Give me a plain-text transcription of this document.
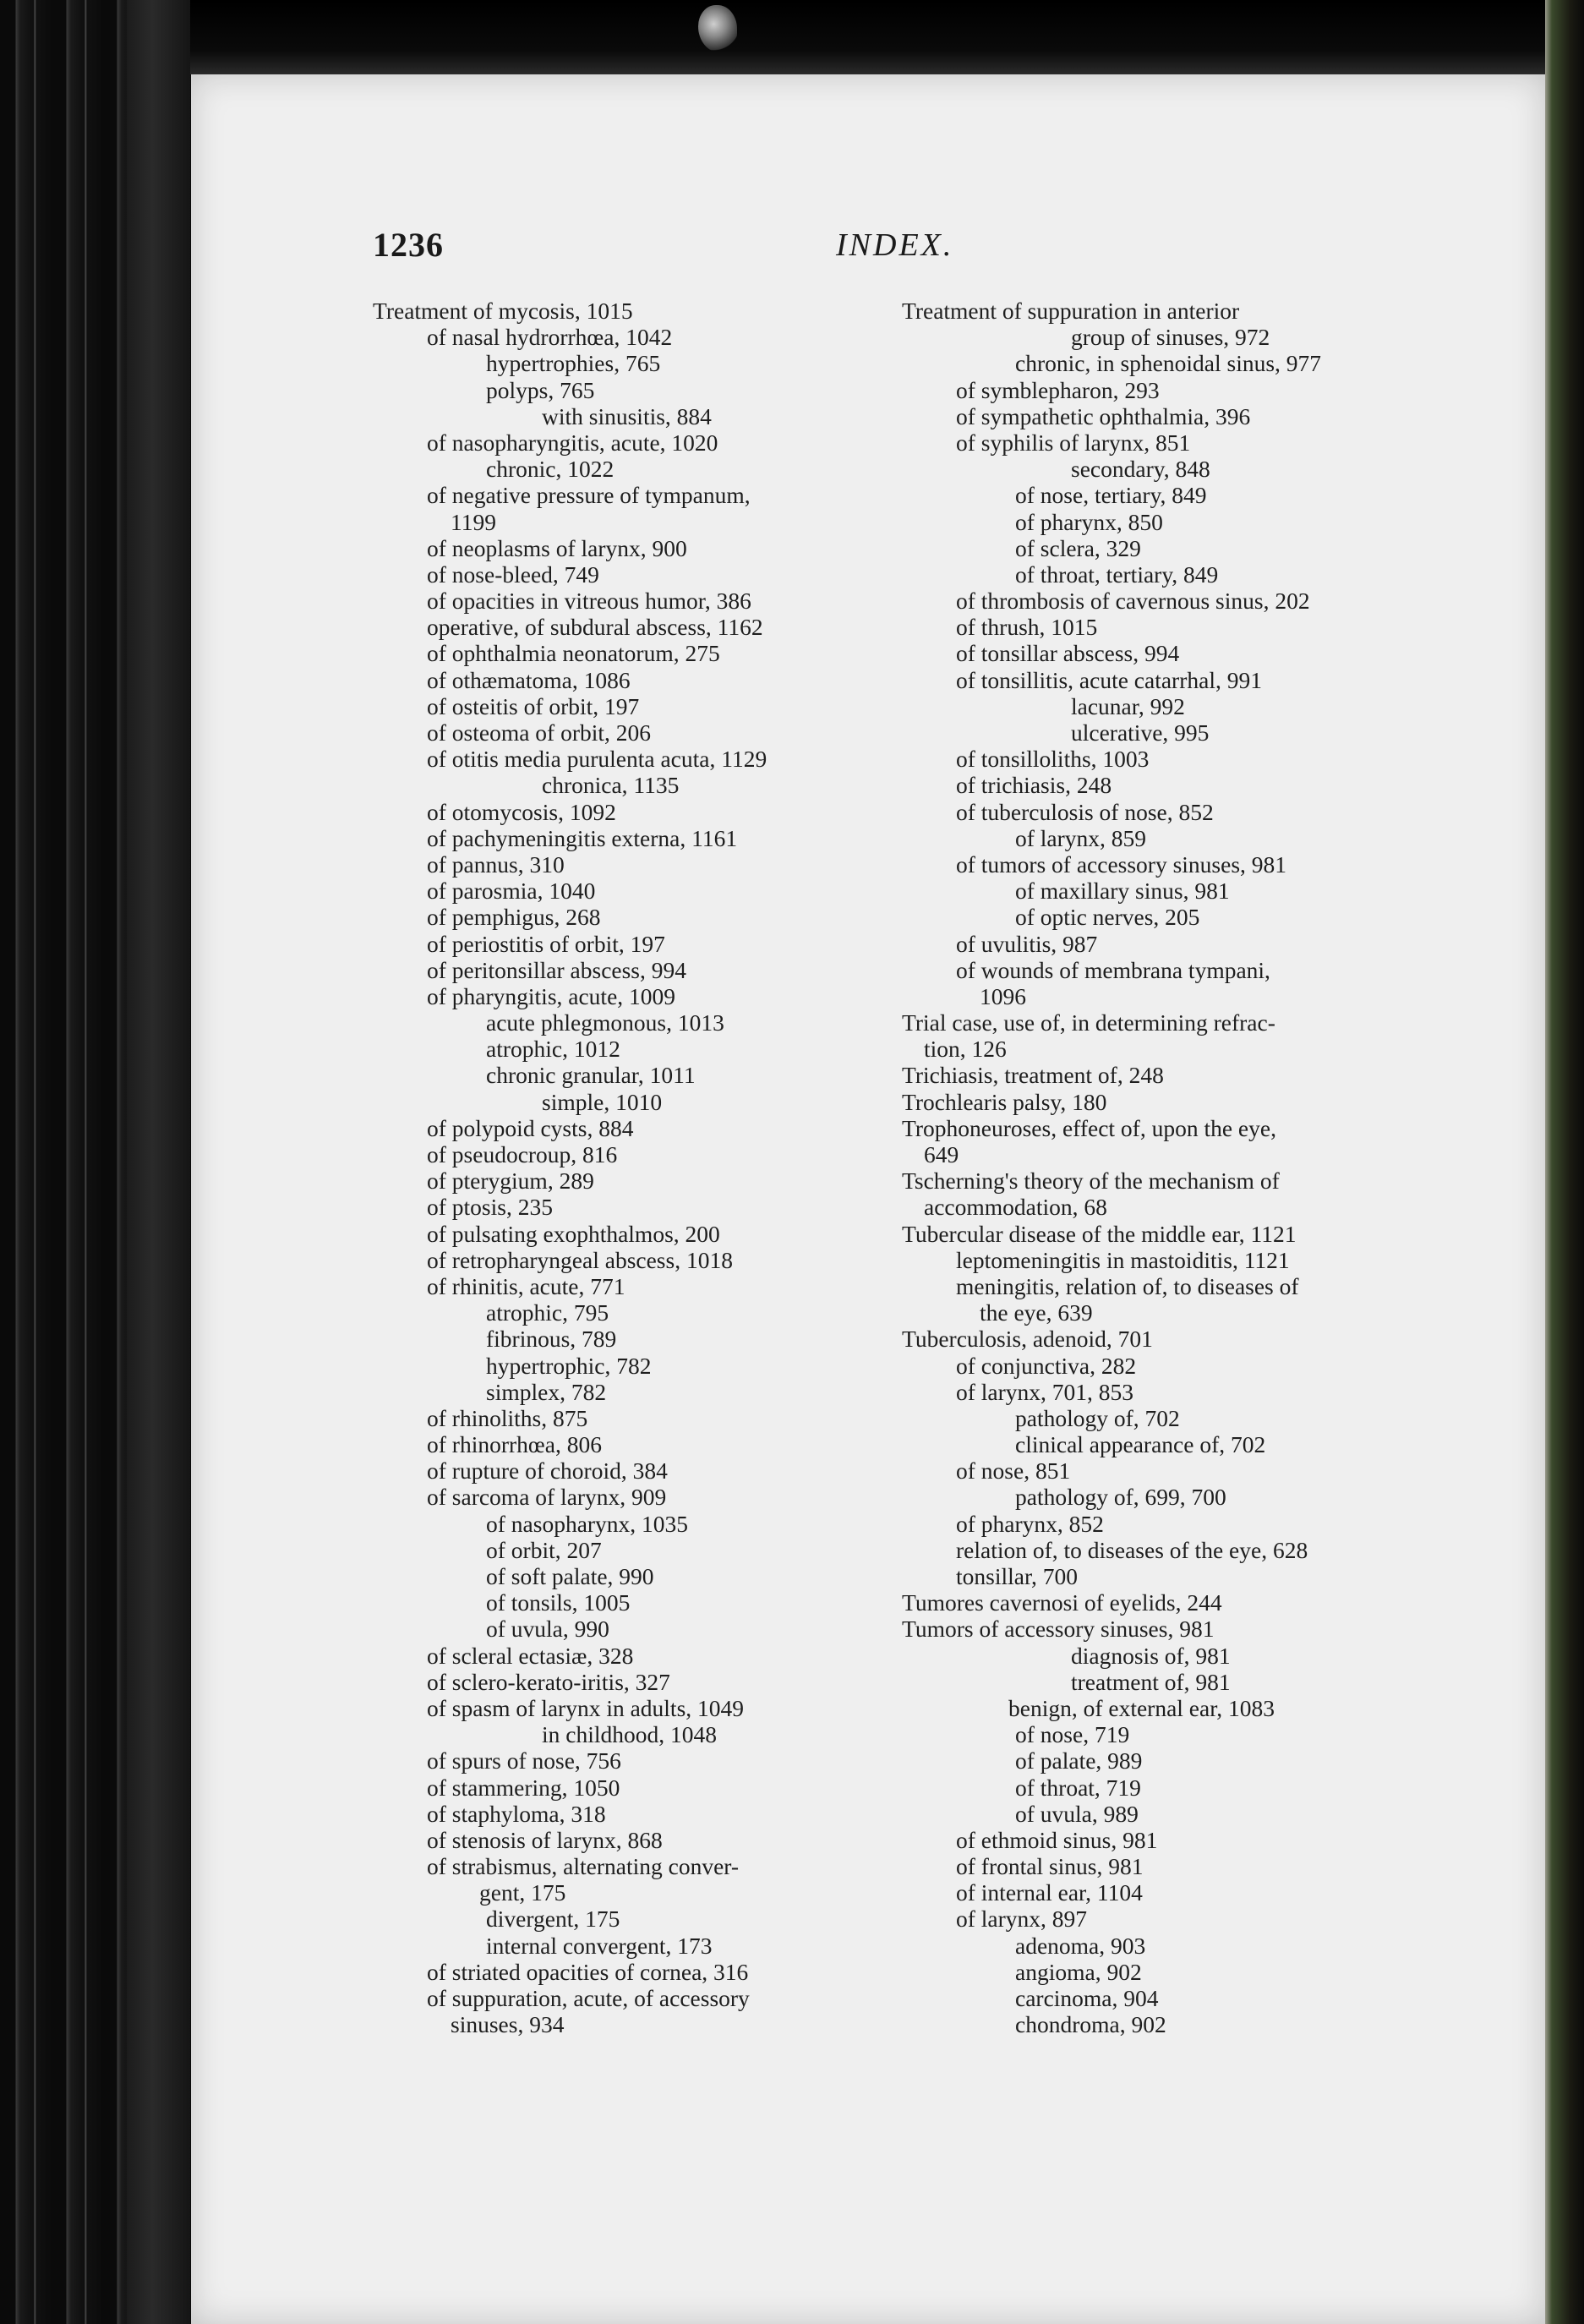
1236	INDEX.
Treatment of mycosis, 1015
of nasal hydrorrhœa, 1042
hypertrophies, 765
polyps, 765
with sinusitis, 884
of nasopharyngitis, acute, 1020
chronic, 1022
of negative pressure of tympanum,
1199
of neoplasms of larynx, 900
of nose-bleed, 749
of opacities in vitreous humor, 386
operative, of subdural abscess, 1162
of ophthalmia neonatorum, 275
of othæmatoma, 1086
of osteitis of orbit, 197
of osteoma of orbit, 206
of otitis media purulenta acuta, 1129
chronica, 1135
of otomycosis, 1092
of pachymeningitis externa, 1161
of pannus, 310
of parosmia, 1040
of pemphigus, 268
of periostitis of orbit, 197
of peritonsillar abscess, 994
of pharyngitis, acute, 1009
acute phlegmonous, 1013
atrophic, 1012
chronic granular, 1011
simple, 1010
of polypoid cysts, 884
of pseudocroup, 816
of pterygium, 289
of ptosis, 235
of pulsating exophthalmos, 200
of retropharyngeal abscess, 1018
of rhinitis, acute, 771
atrophic, 795
fibrinous, 789
hypertrophic, 782
simplex, 782
of rhinoliths, 875
of rhinorrhœa, 806
of rupture of choroid, 384
of sarcoma of larynx, 909
of nasopharynx, 1035
of orbit, 207
of soft palate, 990
of tonsils, 1005
of uvula, 990
of scleral ectasiæ, 328
of sclero-kerato-iritis, 327
of spasm of larynx in adults, 1049
in childhood, 1048
of spurs of nose, 756
of stammering, 1050
of staphyloma, 318
of stenosis of larynx, 868
of strabismus, alternating conver-
gent, 175
divergent, 175
internal convergent, 173
of striated opacities of cornea, 316
of suppuration, acute, of accessory
sinuses, 934
Treatment of suppuration in anterior
group of sinuses, 972
chronic, in sphenoidal sinus, 977
of symblepharon, 293
of sympathetic ophthalmia, 396
of syphilis of larynx, 851
secondary, 848
of nose, tertiary, 849
of pharynx, 850
of sclera, 329
of throat, tertiary, 849
of thrombosis of cavernous sinus, 202
of thrush, 1015
of tonsillar abscess, 994
of tonsillitis, acute catarrhal, 991
lacunar, 992
ulcerative, 995
of tonsilloliths, 1003
of trichiasis, 248
of tuberculosis of nose, 852
of larynx, 859
of tumors of accessory sinuses, 981
of maxillary sinus, 981
of optic nerves, 205
of uvulitis, 987
of wounds of membrana tympani,
1096
Trial case, use of, in determining refrac-
tion, 126
Trichiasis, treatment of, 248
Trochlearis palsy, 180
Trophoneuroses, effect of, upon the eye,
649
Tscherning's theory of the mechanism of
accommodation, 68
Tubercular disease of the middle ear, 1121
leptomeningitis in mastoiditis, 1121
meningitis, relation of, to diseases of
the eye, 639
Tuberculosis, adenoid, 701
of conjunctiva, 282
of larynx, 701, 853
pathology of, 702
clinical appearance of, 702
of nose, 851
pathology of, 699, 700
of pharynx, 852
relation of, to diseases of the eye, 628
tonsillar, 700
Tumores cavernosi of eyelids, 244
Tumors of accessory sinuses, 981
diagnosis of, 981
treatment of, 981
benign, of external ear, 1083
of nose, 719
of palate, 989
of throat, 719
of uvula, 989
of ethmoid sinus, 981
of frontal sinus, 981
of internal ear, 1104
of larynx, 897
adenoma, 903
angioma, 902
carcinoma, 904
chondroma, 902
